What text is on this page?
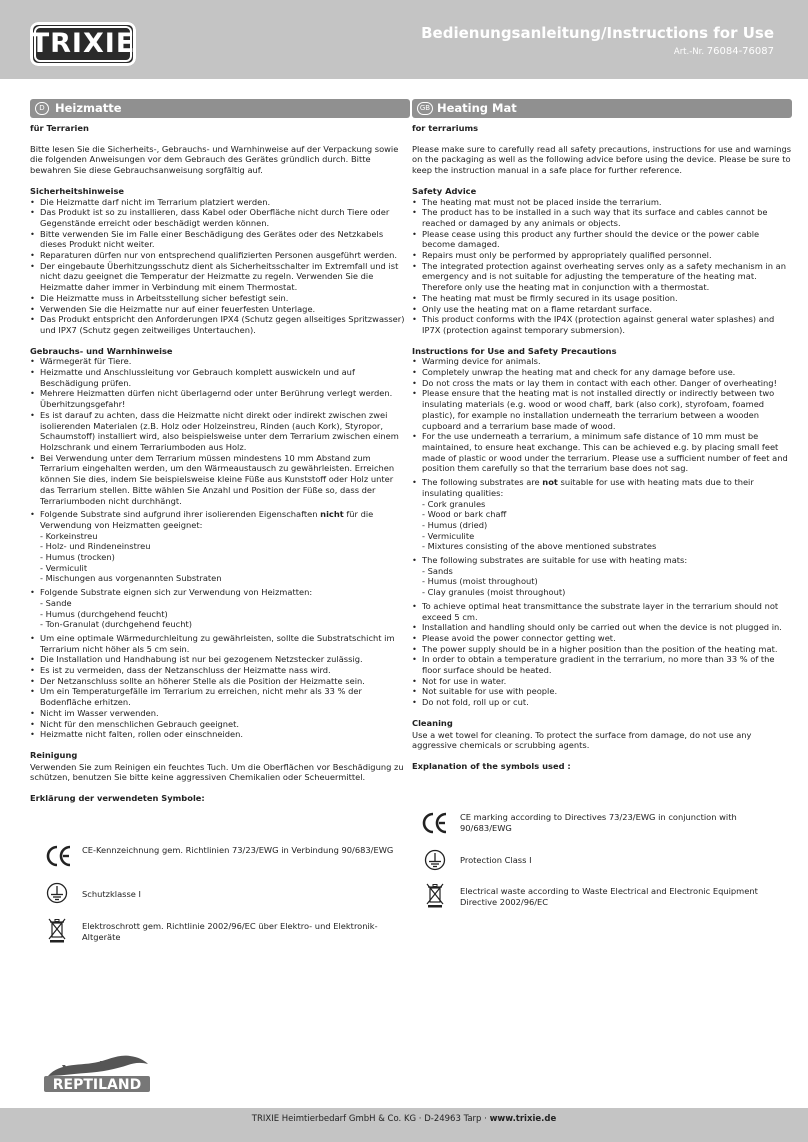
TRIXIE	Bedienungsanleitung/Instructions for Use
Art.-Nr. 76084-76087
D Heizmatte
für Terrarien
Bitte lesen Sie die Sicherheits-, Gebrauchs- und Warnhinweise auf der Verpackung sowie die folgenden Anweisungen vor dem Gebrauch des Gerätes gründlich durch. Bitte bewahren Sie diese Gebrauchsanweisung sorgfältig auf.
Sicherheitshinweise
• Die Heizmatte darf nicht im Terrarium platziert werden.
• Das Produkt ist so zu installieren, dass Kabel oder Oberfläche nicht durch Tiere oder Gegenstände erreicht oder beschädigt werden können.
• Bitte verwenden Sie im Falle einer Beschädigung des Gerätes oder des Netzkabels dieses Produkt nicht weiter.
• Reparaturen dürfen nur von entsprechend qualifizierten Personen ausgeführt werden.
• Der eingebaute Überhitzungsschutz dient als Sicherheitsschalter im Extremfall und ist nicht dazu geeignet die Temperatur der Heizmatte zu regeln. Verwenden Sie die Heizmatte daher immer in Verbindung mit einem Thermostat.
• Die Heizmatte muss in Arbeitsstellung sicher befestigt sein.
• Verwenden Sie die Heizmatte nur auf einer feuerfesten Unterlage.
• Das Produkt entspricht den Anforderungen IPX4 (Schutz gegen allseitiges Spritzwasser) und IPX7 (Schutz gegen zeitweiliges Untertauchen).
Gebrauchs- und Warnhinweise
• Wärmegerät für Tiere.
• Heizmatte und Anschlussleitung vor Gebrauch komplett auswickeln und auf Beschädigung prüfen.
• Mehrere Heizmatten dürfen nicht überlagernd oder unter Berührung verlegt werden. Überhitzungsgefahr!
• Es ist darauf zu achten, dass die Heizmatte nicht direkt oder indirekt zwischen zwei isolierenden Materialen (z.B. Holz oder Holzeinstreu, Rinden (auch Kork), Styropor, Schaumstoff) installiert wird, also beispielsweise unter dem Terrarium zwischen einem Holzschrank und einem Terrariumboden aus Holz.
• Bei Verwendung unter dem Terrarium müssen mindestens 10 mm Abstand zum Terrarium eingehalten werden, um den Wärmeaustausch zu gewährleisten. Erreichen können Sie dies, indem Sie beispielsweise kleine Füße aus Kunststoff oder Holz unter das Terrarium stellen. Bitte wählen Sie Anzahl und Position der Füße so, dass der Terrariumboden nicht durchhängt.
• Folgende Substrate sind aufgrund ihrer isolierenden Eigenschaften nicht für die Verwendung von Heizmatten geeignet:
- Korkeinstreu
- Holz- und Rindeneinstreu
- Humus (trocken)
- Vermiculit
- Mischungen aus vorgenannten Substraten
• Folgende Substrate eignen sich zur Verwendung von Heizmatten:
- Sande
- Humus (durchgehend feucht)
- Ton-Granulat (durchgehend feucht)
• Um eine optimale Wärmedurchleitung zu gewährleisten, sollte die Substratschicht im Terrarium nicht höher als 5 cm sein.
• Die Installation und Handhabung ist nur bei gezogenem Netzstecker zulässig.
• Es ist zu vermeiden, dass der Netzanschluss der Heizmatte nass wird.
• Der Netzanschluss sollte an höherer Stelle als die Position der Heizmatte sein.
• Um ein Temperaturgefälle im Terrarium zu erreichen, nicht mehr als 33 % der Bodenfläche erhitzen.
• Nicht im Wasser verwenden.
• Nicht für den menschlichen Gebrauch geeignet.
• Heizmatte nicht falten, rollen oder einschneiden.
Reinigung
Verwenden Sie zum Reinigen ein feuchtes Tuch. Um die Oberflächen vor Beschädigung zu schützen, benutzen Sie bitte keine aggressiven Chemikalien oder Scheuermittel.
Erklärung der verwendeten Symbole:
CE-Kennzeichnung gem. Richtlinien 73/23/EWG in Verbindung 90/683/EWG
Schutzklasse I
Elektroschrott gem. Richtlinie 2002/96/EC über Elektro- und Elektronik-Altgeräte
GB Heating Mat
for terrariums
Please make sure to carefully read all safety precautions, instructions for use and warnings on the packaging as well as the following advice before using the device. Please be sure to keep the instruction manual in a safe place for further reference.
Safety Advice
• The heating mat must not be placed inside the terrarium.
• The product has to be installed in a such way that its surface and cables cannot be reached or damaged by any animals or objects.
• Please cease using this product any further should the device or the power cable become damaged.
• Repairs must only be performed by appropriately qualified personnel.
• The integrated protection against overheating serves only as a safety mechanism in an emergency and is not suitable for adjusting the temperature of the heating mat. Therefore only use the heating mat in conjunction with a thermostat.
• The heating mat must be firmly secured in its usage position.
• Only use the heating mat on a flame retardant surface.
• This product conforms with the IP4X (protection against general water splashes) and IP7X (protection against temporary submersion).
Instructions for Use and Safety Precautions
• Warming device for animals.
• Completely unwrap the heating mat and check for any damage before use.
• Do not cross the mats or lay them in contact with each other. Danger of overheating!
• Please ensure that the heating mat is not installed directly or indirectly between two insulating materials (e.g. wood or wood chaff, bark (also cork), styrofoam, foamed plastic), for example no installation underneath the terrarium between a wooden cupboard and a terrarium base made of wood.
• For the use underneath a terrarium, a minimum safe distance of 10 mm must be maintained, to ensure heat exchange. This can be achieved e.g. by placing small feet made of plastic or wood under the terrarium. Please use a sufficient number of feet and position them carefully so that the terrarium base does not sag.
• The following substrates are not suitable for use with heating mats due to their insulating qualities:
- Cork granules
- Wood or bark chaff
- Humus (dried)
- Vermiculite
- Mixtures consisting of the above mentioned substrates
• The following substrates are suitable for use with heating mats:
- Sands
- Humus (moist throughout)
- Clay granules (moist throughout)
• To achieve optimal heat transmittance the substrate layer in the terrarium should not exceed 5 cm.
• Installation and handling should only be carried out when the device is not plugged in.
• Please avoid the power connector getting wet.
• The power supply should be in a higher position than the position of the heating mat.
• In order to obtain a temperature gradient in the terrarium, no more than 33 % of the floor surface should be heated.
• Not for use in water.
• Not suitable for use with people.
• Do not fold, roll up or cut.
Cleaning
Use a wet towel for cleaning. To protect the surface from damage, do not use any aggressive chemicals or scrubbing agents.
Explanation of the symbols used :
CE marking according to Directives 73/23/EWG in conjunction with 90/683/EWG
Protection Class I
Electrical waste according to Waste Electrical and Electronic Equipment Directive 2002/96/EC
REPTILAND
TRIXIE Heimtierbedarf GmbH & Co. KG · D-24963 Tarp · www.trixie.de
